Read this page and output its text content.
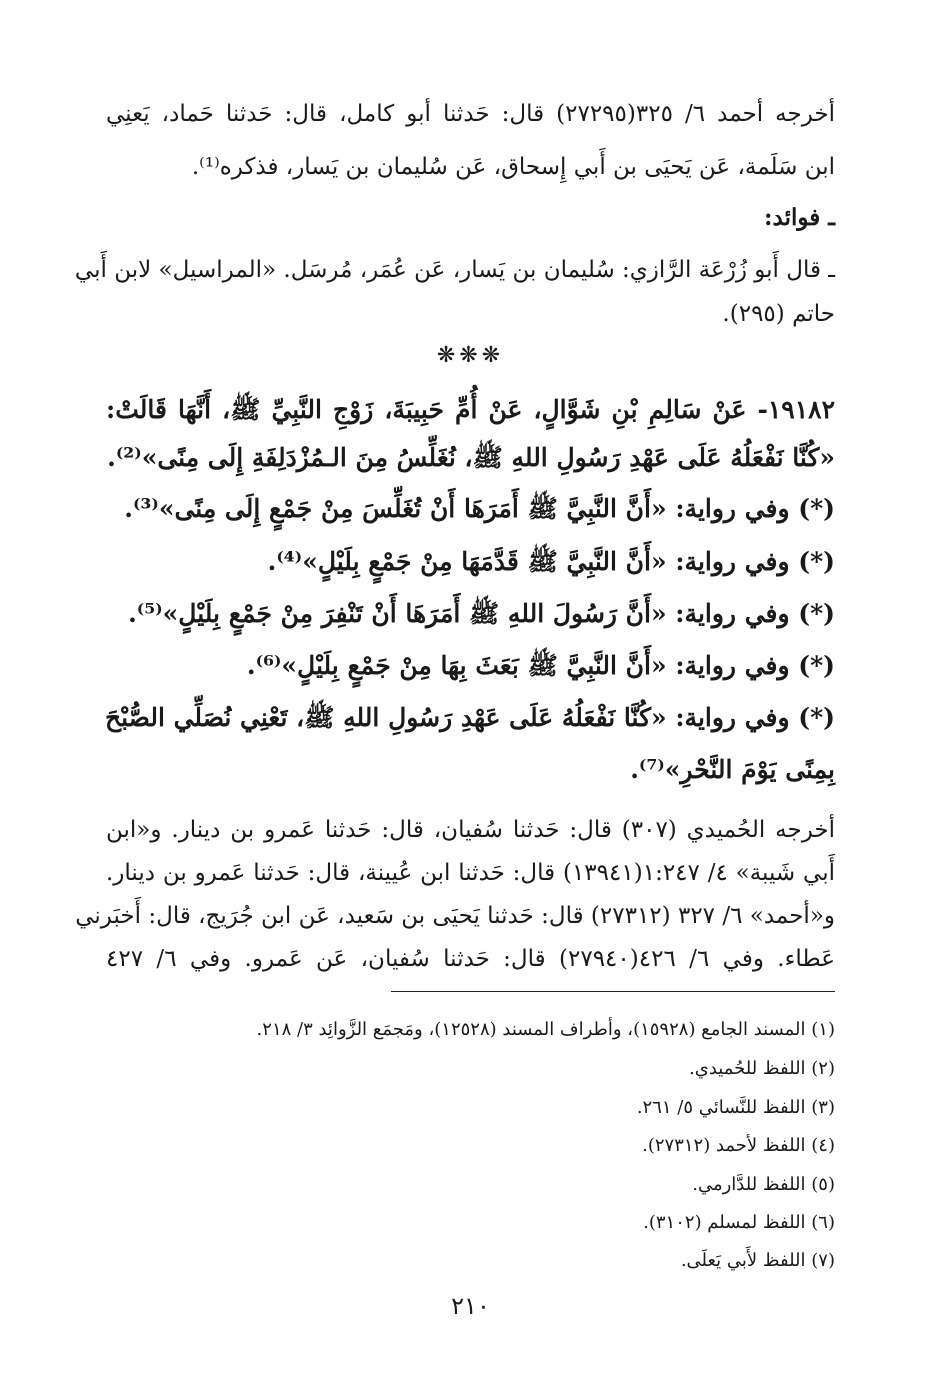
أخرجه أحمد ٦/ ٣٢٥(٢٧٢٩٥) قال: حَدثنا أبو كامل، قال: حَدثنا حَماد، يَعنِي
ابن سَلَمة، عَن يَحيَى بن أَبي إِسحاق، عَن سُليمان بن يَسار، فذكره⁽¹⁾.
ـ فوائد:
ـ قال أَبو زُرْعَة الرَّازي: سُليمان بن يَسار، عَن عُمَر، مُرسَل. «المراسيل» لابن أَبي
حاتم (٢٩٥).
❋❋❋
١٩١٨٢- عَنْ سَالِمِ بْنِ شَوَّالٍ، عَنْ أُمِّ حَبِيبَةَ، زَوْجِ النَّبِيِّ ﷺ، أَنَّهَا قَالَتْ:
«كُنَّا نَفْعَلُهُ عَلَى عَهْدِ رَسُولِ اللهِ ﷺ، نُغَلِّسُ مِنَ الـمُزْدَلِفَةِ إِلَى مِنًى»⁽²⁾.
(*) وفي رواية: «أَنَّ النَّبِيَّ ﷺ أَمَرَهَا أَنْ تُغَلِّسَ مِنْ جَمْعٍ إِلَى مِنًى»⁽³⁾.
(*) وفي رواية: «أَنَّ النَّبِيَّ ﷺ قَدَّمَهَا مِنْ جَمْعٍ بِلَيْلٍ»⁽⁴⁾.
(*) وفي رواية: «أَنَّ رَسُولَ اللهِ ﷺ أَمَرَهَا أَنْ تَنْفِرَ مِنْ جَمْعٍ بِلَيْلٍ»⁽⁵⁾.
(*) وفي رواية: «أَنَّ النَّبِيَّ ﷺ بَعَثَ بِهَا مِنْ جَمْعٍ بِلَيْلٍ»⁽⁶⁾.
(*) وفي رواية: «كُنَّا نَفْعَلُهُ عَلَى عَهْدِ رَسُولِ اللهِ ﷺ، تَعْنِي نُصَلِّي الصُّبْحَ
بِمِنًى يَوْمَ النَّحْرِ»⁽⁷⁾.
أخرجه الحُميدي (٣٠٧) قال: حَدثنا سُفيان، قال: حَدثنا عَمرو بن دينار. و«ابن
أَبي شَيبة» ٤/ ١:٢٤٧(١٣٩٤١) قال: حَدثنا ابن عُيينة، قال: حَدثنا عَمرو بن دينار.
و«أحمد» ٦/ ٣٢٧ (٢٧٣١٢) قال: حَدثنا يَحيَى بن سَعيد، عَن ابن جُرَيج، قال: أَخبَرني
عَطاء. وفي ٦/ ٤٢٦(٢٧٩٤٠) قال: حَدثنا سُفيان، عَن عَمرو. وفي ٦/ ٤٢٧
(١) المسند الجامع (١٥٩٢٨)، وأطراف المسند (١٢٥٢٨)، ومَجمَع الزَّوائِد ٣/ ٢١٨.
(٢) اللفظ للحُميدي.
(٣) اللفظ للنَّسائي ٥/ ٢٦١.
(٤) اللفظ لأحمد (٢٧٣١٢).
(٥) اللفظ للدَّارمي.
(٦) اللفظ لمسلم (٣١٠٢).
(٧) اللفظ لأَبي يَعلَى.
٢١٠
